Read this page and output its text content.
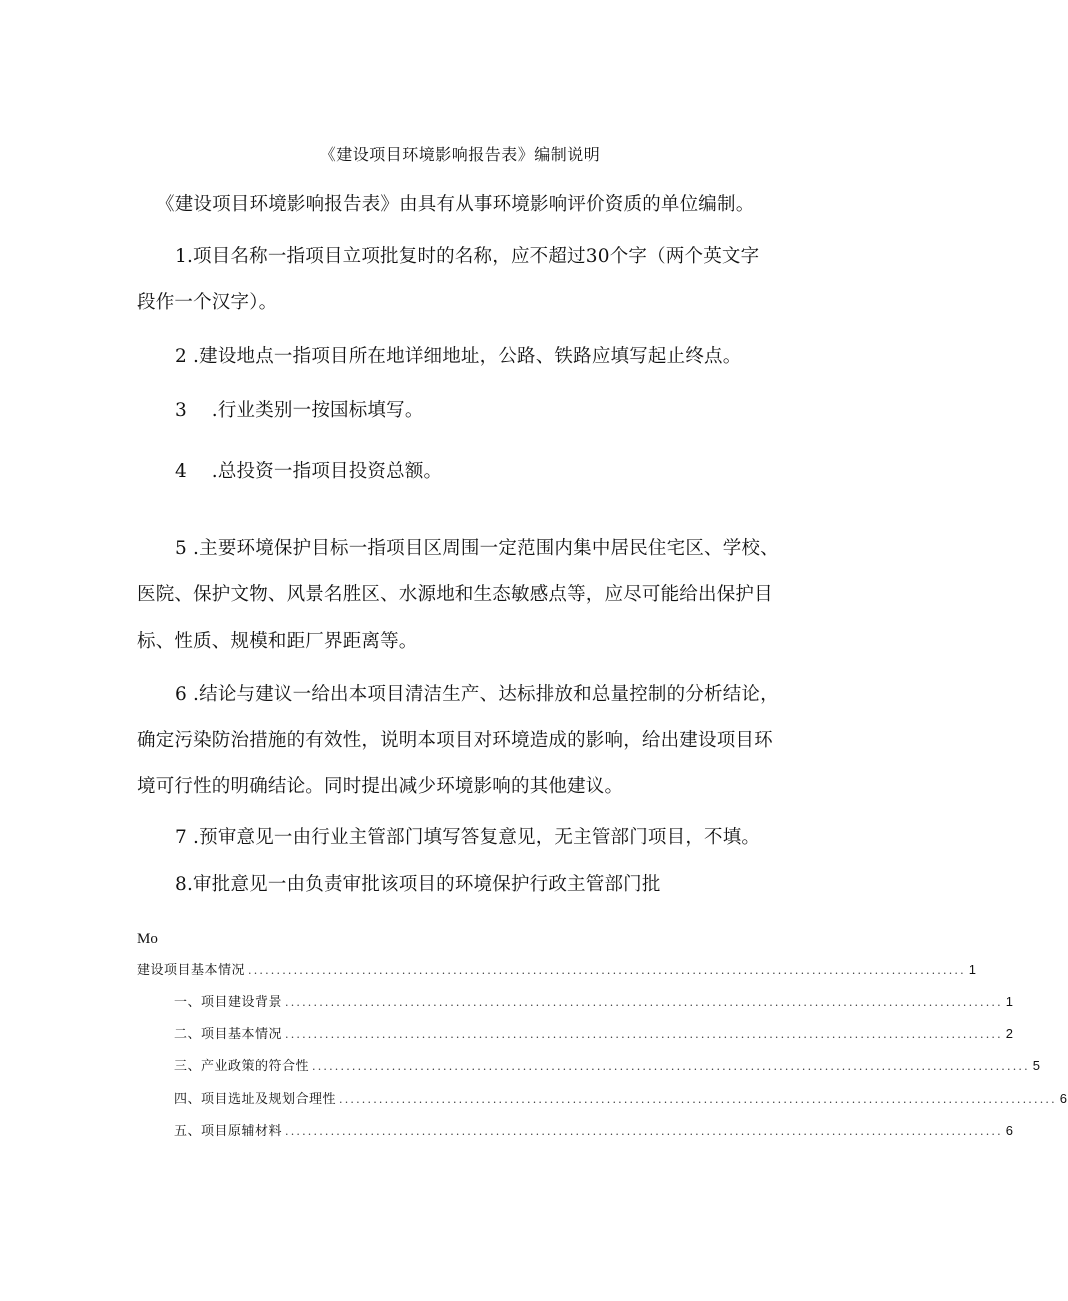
《建设项目环境影响报告表》编制说明
《建设项目环境影响报告表》由具有从事环境影响评价资质的单位编制。
1.项目名称一指项目立项批复时的名称，应不超过30个字（两个英文字
段作一个汉字）。
2 .建设地点一指项目所在地详细地址，公路、铁路应填写起止终点。
3　 .行业类别一按国标填写。
4　 .总投资一指项目投资总额。
5 .主要环境保护目标一指项目区周围一定范围内集中居民住宅区、学校、
医院、保护文物、风景名胜区、水源地和生态敏感点等，应尽可能给出保护目
标、性质、规模和距厂界距离等。
6 .结论与建议一给出本项目清洁生产、达标排放和总量控制的分析结论，
确定污染防治措施的有效性，说明本项目对环境造成的影响，给出建设项目环
境可行性的明确结论。同时提出减少环境影响的其他建议。
7 .预审意见一由行业主管部门填写答复意见，无主管部门项目，不填。
8.审批意见一由负责审批该项目的环境保护行政主管部门批
Mo
建设项目基本情况 .............................................................................................................................. 1
一、项目建设背景 .............................................................................................................................. 1
二、项目基本情况 .............................................................................................................................. 2
三、产业政策的符合性 .............................................................................................................................. 5
四、项目选址及规划合理性 .............................................................................................................................. 6
五、项目原辅材料 .............................................................................................................................. 6
